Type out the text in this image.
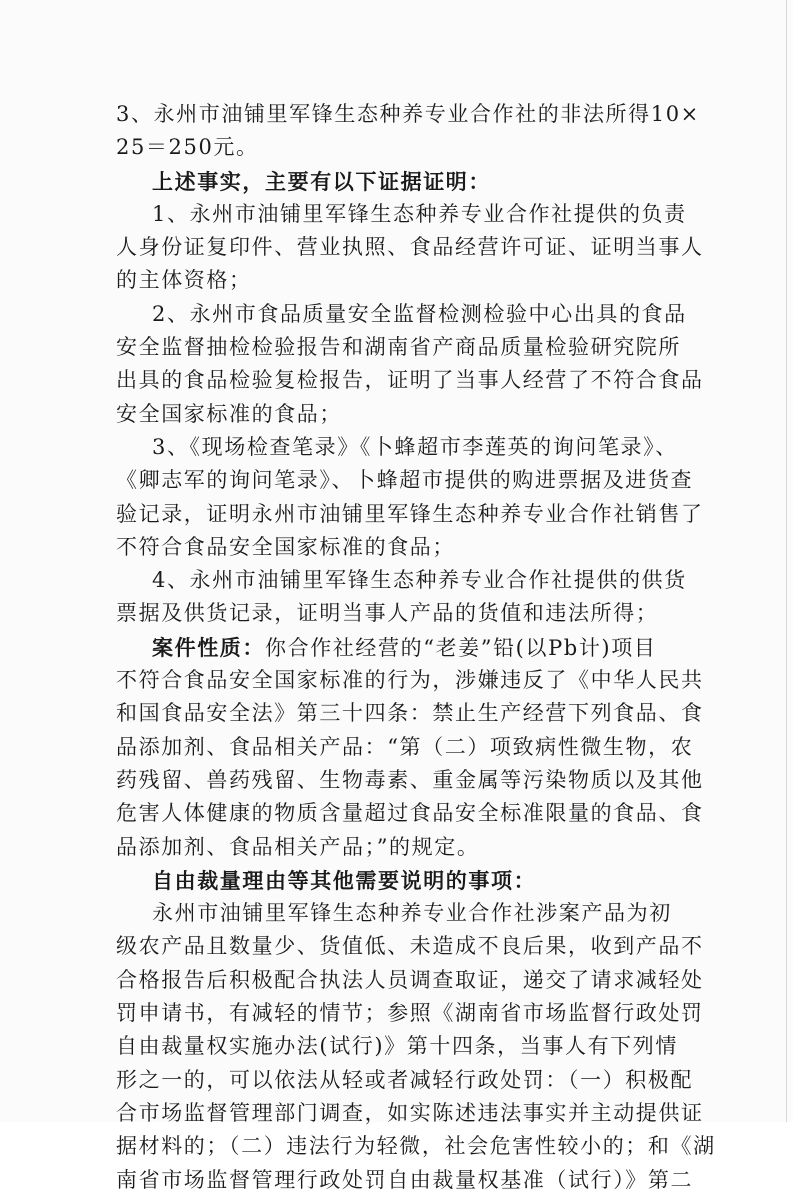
3、永州市油铺里军锋生态种养专业合作社的非法所得10×
25＝250元。
上述事实，主要有以下证据证明：
1、永州市油铺里军锋生态种养专业合作社提供的负责
人身份证复印件、营业执照、食品经营许可证、证明当事人
的主体资格；
2、永州市食品质量安全监督检测检验中心出具的食品
安全监督抽检检验报告和湖南省产商品质量检验研究院所
出具的食品检验复检报告，证明了当事人经营了不符合食品
安全国家标准的食品；
3、《现场检查笔录》《卜蜂超市李莲英的询问笔录》、
《卿志军的询问笔录》、卜蜂超市提供的购进票据及进货查
验记录，证明永州市油铺里军锋生态种养专业合作社销售了
不符合食品安全国家标准的食品；
4、永州市油铺里军锋生态种养专业合作社提供的供货
票据及供货记录，证明当事人产品的货值和违法所得；
案件性质：你合作社经营的“老姜”铅(以Pb计)项目
不符合食品安全国家标准的行为，涉嫌违反了《中华人民共
和国食品安全法》第三十四条：禁止生产经营下列食品、食
品添加剂、食品相关产品：“第（二）项致病性微生物，农
药残留、兽药残留、生物毒素、重金属等污染物质以及其他
危害人体健康的物质含量超过食品安全标准限量的食品、食
品添加剂、食品相关产品；”的规定。
自由裁量理由等其他需要说明的事项：
永州市油铺里军锋生态种养专业合作社涉案产品为初
级农产品且数量少、货值低、未造成不良后果，收到产品不
合格报告后积极配合执法人员调查取证，递交了请求减轻处
罚申请书，有减轻的情节；参照《湖南省市场监督行政处罚
自由裁量权实施办法(试行)》第十四条，当事人有下列情
形之一的，可以依法从轻或者减轻行政处罚：（一）积极配
合市场监督管理部门调查，如实陈述违法事实并主动提供证
据材料的；（二）违法行为轻微，社会危害性较小的；和《湖
南省市场监督管理行政处罚自由裁量权基准（试行）》第二
